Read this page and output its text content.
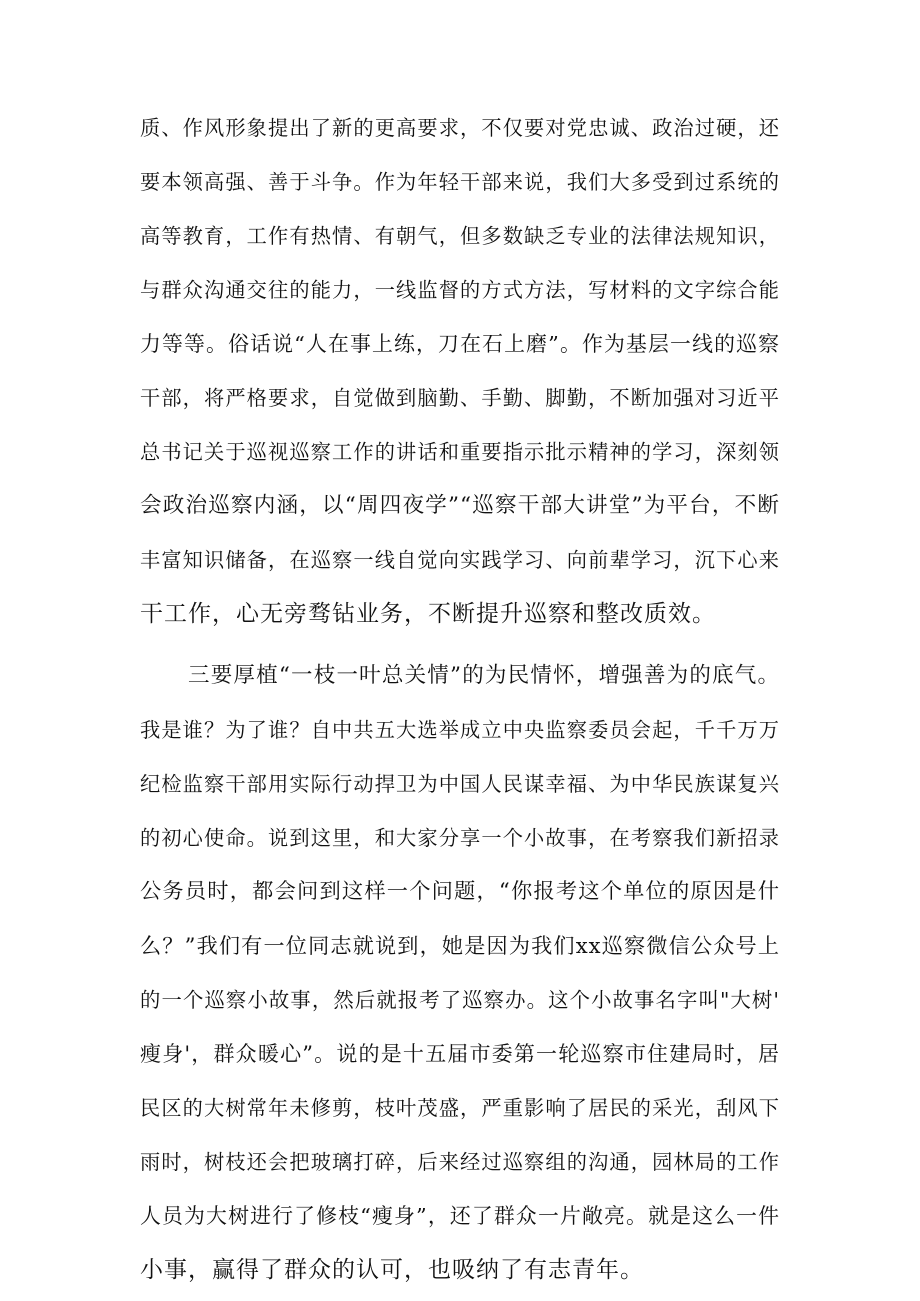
质、作风形象提出了新的更高要求，不仅要对党忠诚、政治过硬，还
要本领高强、善于斗争。作为年轻干部来说，我们大多受到过系统的
高等教育，工作有热情、有朝气，但多数缺乏专业的法律法规知识，
与群众沟通交往的能力，一线监督的方式方法，写材料的文字综合能
力等等。俗话说“人在事上练，刀在石上磨”。作为基层一线的巡察
干部，将严格要求，自觉做到脑勤、手勤、脚勤，不断加强对习近平
总书记关于巡视巡察工作的讲话和重要指示批示精神的学习，深刻领
会政治巡察内涵，以“周四夜学”“巡察干部大讲堂”为平台，不断
丰富知识储备，在巡察一线自觉向实践学习、向前辈学习，沉下心来
干工作，心无旁骛钻业务，不断提升巡察和整改质效。
三要厚植“一枝一叶总关情”的为民情怀，增强善为的底气。
我是谁？为了谁？自中共五大选举成立中央监察委员会起，千千万万
纪检监察干部用实际行动捍卫为中国人民谋幸福、为中华民族谋复兴
的初心使命。说到这里，和大家分享一个小故事，在考察我们新招录
公务员时，都会问到这样一个问题，“你报考这个单位的原因是什
么？”我们有一位同志就说到，她是因为我们xx巡察微信公众号上
的一个巡察小故事，然后就报考了巡察办。这个小故事名字叫"大树'
瘦身'，群众暖心”。说的是十五届市委第一轮巡察市住建局时，居
民区的大树常年未修剪，枝叶茂盛，严重影响了居民的采光，刮风下
雨时，树枝还会把玻璃打碎，后来经过巡察组的沟通，园林局的工作
人员为大树进行了修枝“瘦身”，还了群众一片敞亮。就是这么一件
小事，赢得了群众的认可，也吸纳了有志青年。
